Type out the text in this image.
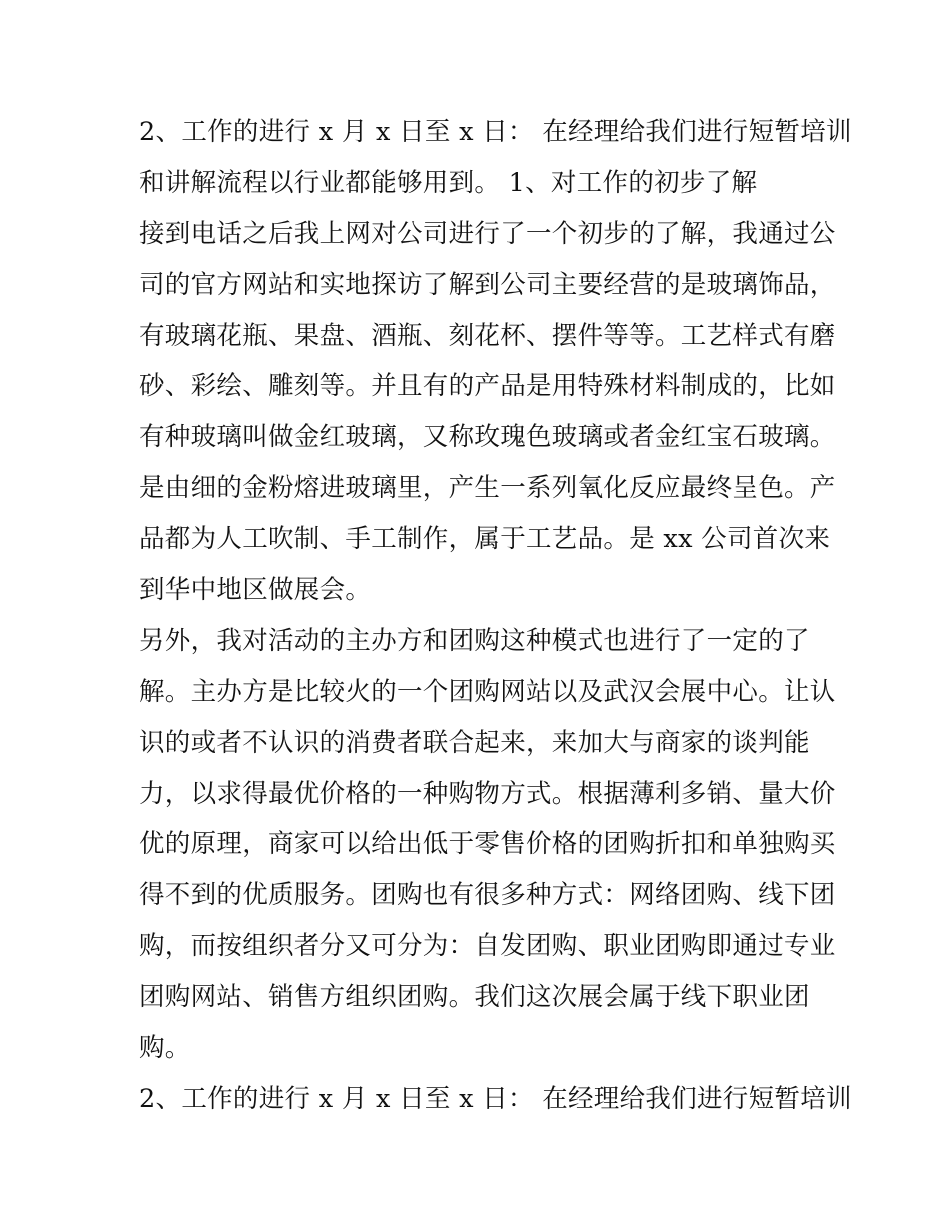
2、工作的进行 x 月 x 日至 x 日： 在经理给我们进行短暂培训
和讲解流程以行业都能够用到。 1、对工作的初步了解
接到电话之后我上网对公司进行了一个初步的了解，我通过公
司的官方网站和实地探访了解到公司主要经营的是玻璃饰品，
有玻璃花瓶、果盘、酒瓶、刻花杯、摆件等等。工艺样式有磨
砂、彩绘、雕刻等。并且有的产品是用特殊材料制成的，比如
有种玻璃叫做金红玻璃，又称玫瑰色玻璃或者金红宝石玻璃。
是由细的金粉熔进玻璃里，产生一系列氧化反应最终呈色。产
品都为人工吹制、手工制作，属于工艺品。是 xx 公司首次来
到华中地区做展会。
另外，我对活动的主办方和团购这种模式也进行了一定的了
解。主办方是比较火的一个团购网站以及武汉会展中心。让认
识的或者不认识的消费者联合起来，来加大与商家的谈判能
力，以求得最优价格的一种购物方式。根据薄利多销、量大价
优的原理，商家可以给出低于零售价格的团购折扣和单独购买
得不到的优质服务。团购也有很多种方式：网络团购、线下团
购，而按组织者分又可分为：自发团购、职业团购即通过专业
团购网站、销售方组织团购。我们这次展会属于线下职业团
购。
2、工作的进行 x 月 x 日至 x 日： 在经理给我们进行短暂培训
